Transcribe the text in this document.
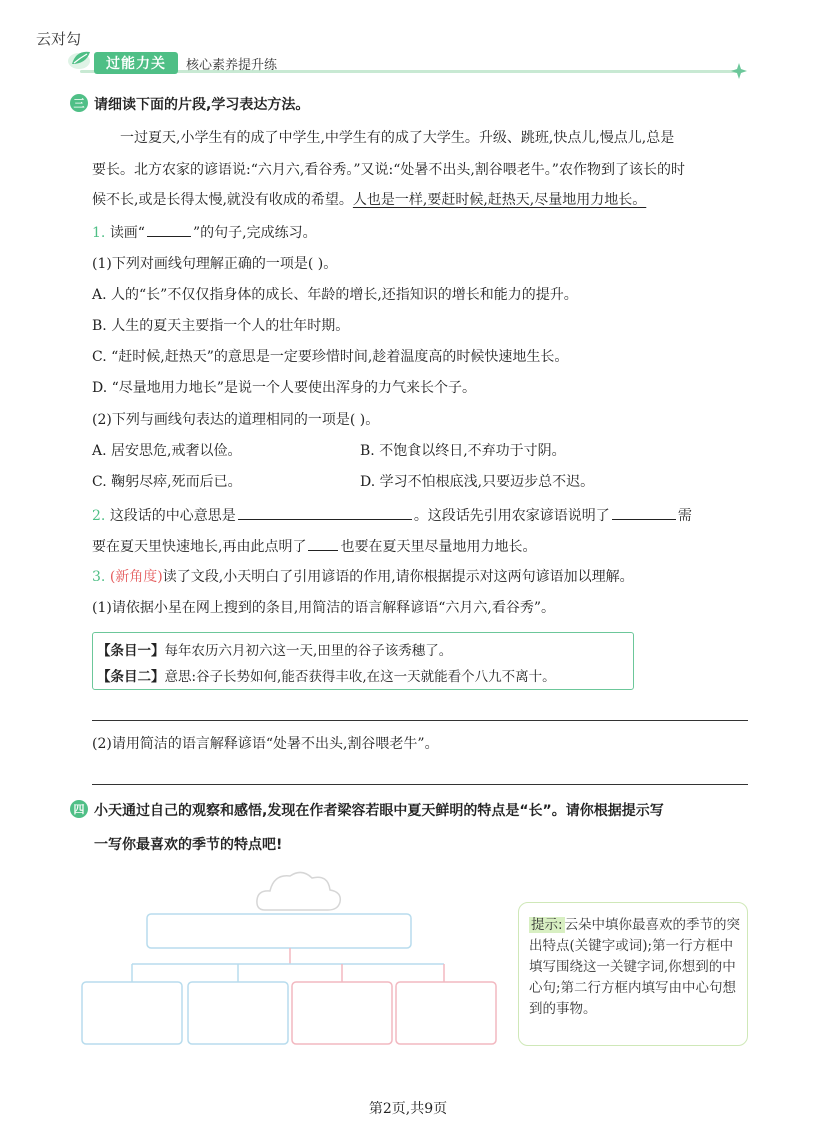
云对勾
过能力关	核心素养提升练
三 请细读下面的片段,学习表达方法。
一过夏天,小学生有的成了中学生,中学生有的成了大学生。升级、跳班,快点儿,慢点儿,总是
要长。北方农家的谚语说:“六月六,看谷秀。”又说:“处暑不出头,割谷喂老牛。”农作物到了该长的时
候不长,或是长得太慢,就没有收成的希望。人也是一样,要赶时候,赶热天,尽量地用力地长。
1. 读画“	”的句子,完成练习。
(1)下列对画线句理解正确的一项是( )。
A. 人的“长”不仅仅指身体的成长、年龄的增长,还指知识的增长和能力的提升。
B. 人生的夏天主要指一个人的壮年时期。
C. “赶时候,赶热天”的意思是一定要珍惜时间,趁着温度高的时候快速地生长。
D. “尽量地用力地长”是说一个人要使出浑身的力气来长个子。
(2)下列与画线句表达的道理相同的一项是( )。
A. 居安思危,戒奢以俭。	B. 不饱食以终日,不弃功于寸阴。
C. 鞠躬尽瘁,死而后已。	D. 学习不怕根底浅,只要迈步总不迟。
2. 这段话的中心意思是	。这段话先引用农家谚语说明了	需
要在夏天里快速地长,再由此点明了 也要在夏天里尽量地用力地长。
3. (新角度)读了文段,小天明白了引用谚语的作用,请你根据提示对这两句谚语加以理解。
(1)请依据小星在网上搜到的条目,用简洁的语言解释谚语“六月六,看谷秀”。
【条目一】每年农历六月初六这一天,田里的谷子该秀穗了。
【条目二】意思:谷子长势如何,能否获得丰收,在这一天就能看个八九不离十。
(2)请用简洁的语言解释谚语“处暑不出头,割谷喂老牛”。
四 小天通过自己的观察和感悟,发现在作者梁容若眼中夏天鲜明的特点是“长”。请你根据提示写
一写你最喜欢的季节的特点吧!
提示: 云朵中填你最喜欢的季节的突出特点(关键字或词);第一行方框中填写围绕这一关键字词,你想到的中心句;第二行方框内填写由中心句想到的事物。
第2页,共9页
